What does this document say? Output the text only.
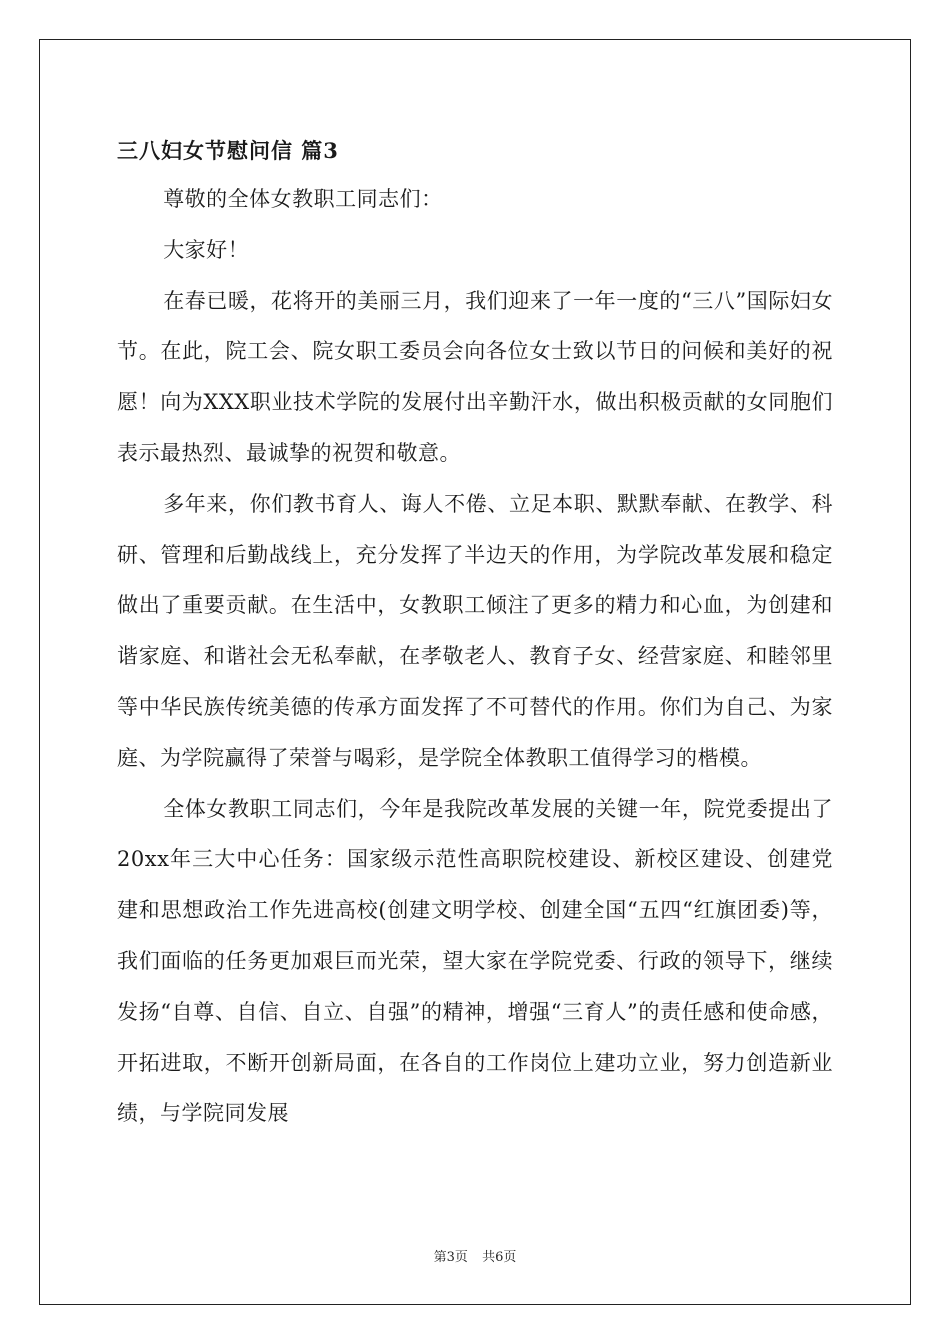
三八妇女节慰问信 篇3

尊敬的全体女教职工同志们：

大家好！

在春已暖，花将开的美丽三月，我们迎来了一年一度的“三八”国际妇女节。在此，院工会、院女职工委员会向各位女士致以节日的问候和美好的祝愿！向为XXX职业技术学院的发展付出辛勤汗水，做出积极贡献的女同胞们表示最热烈、最诚挚的祝贺和敬意。

多年来，你们教书育人、诲人不倦、立足本职、默默奉献、在教学、科研、管理和后勤战线上，充分发挥了半边天的作用，为学院改革发展和稳定做出了重要贡献。在生活中，女教职工倾注了更多的精力和心血，为创建和谐家庭、和谐社会无私奉献，在孝敬老人、教育子女、经营家庭、和睦邻里等中华民族传统美德的传承方面发挥了不可替代的作用。你们为自己、为家庭、为学院赢得了荣誉与喝彩，是学院全体教职工值得学习的楷模。

全体女教职工同志们，今年是我院改革发展的关键一年，院党委提出了20xx年三大中心任务：国家级示范性高职院校建设、新校区建设、创建党建和思想政治工作先进高校(创建文明学校、创建全国“五四“红旗团委)等，我们面临的任务更加艰巨而光荣，望大家在学院党委、行政的领导下，继续发扬“自尊、自信、自立、自强”的精神，增强“三育人”的责任感和使命感，开拓进取，不断开创新局面，在各自的工作岗位上建功立业，努力创造新业绩，与学院同发展

第3页 共6页
